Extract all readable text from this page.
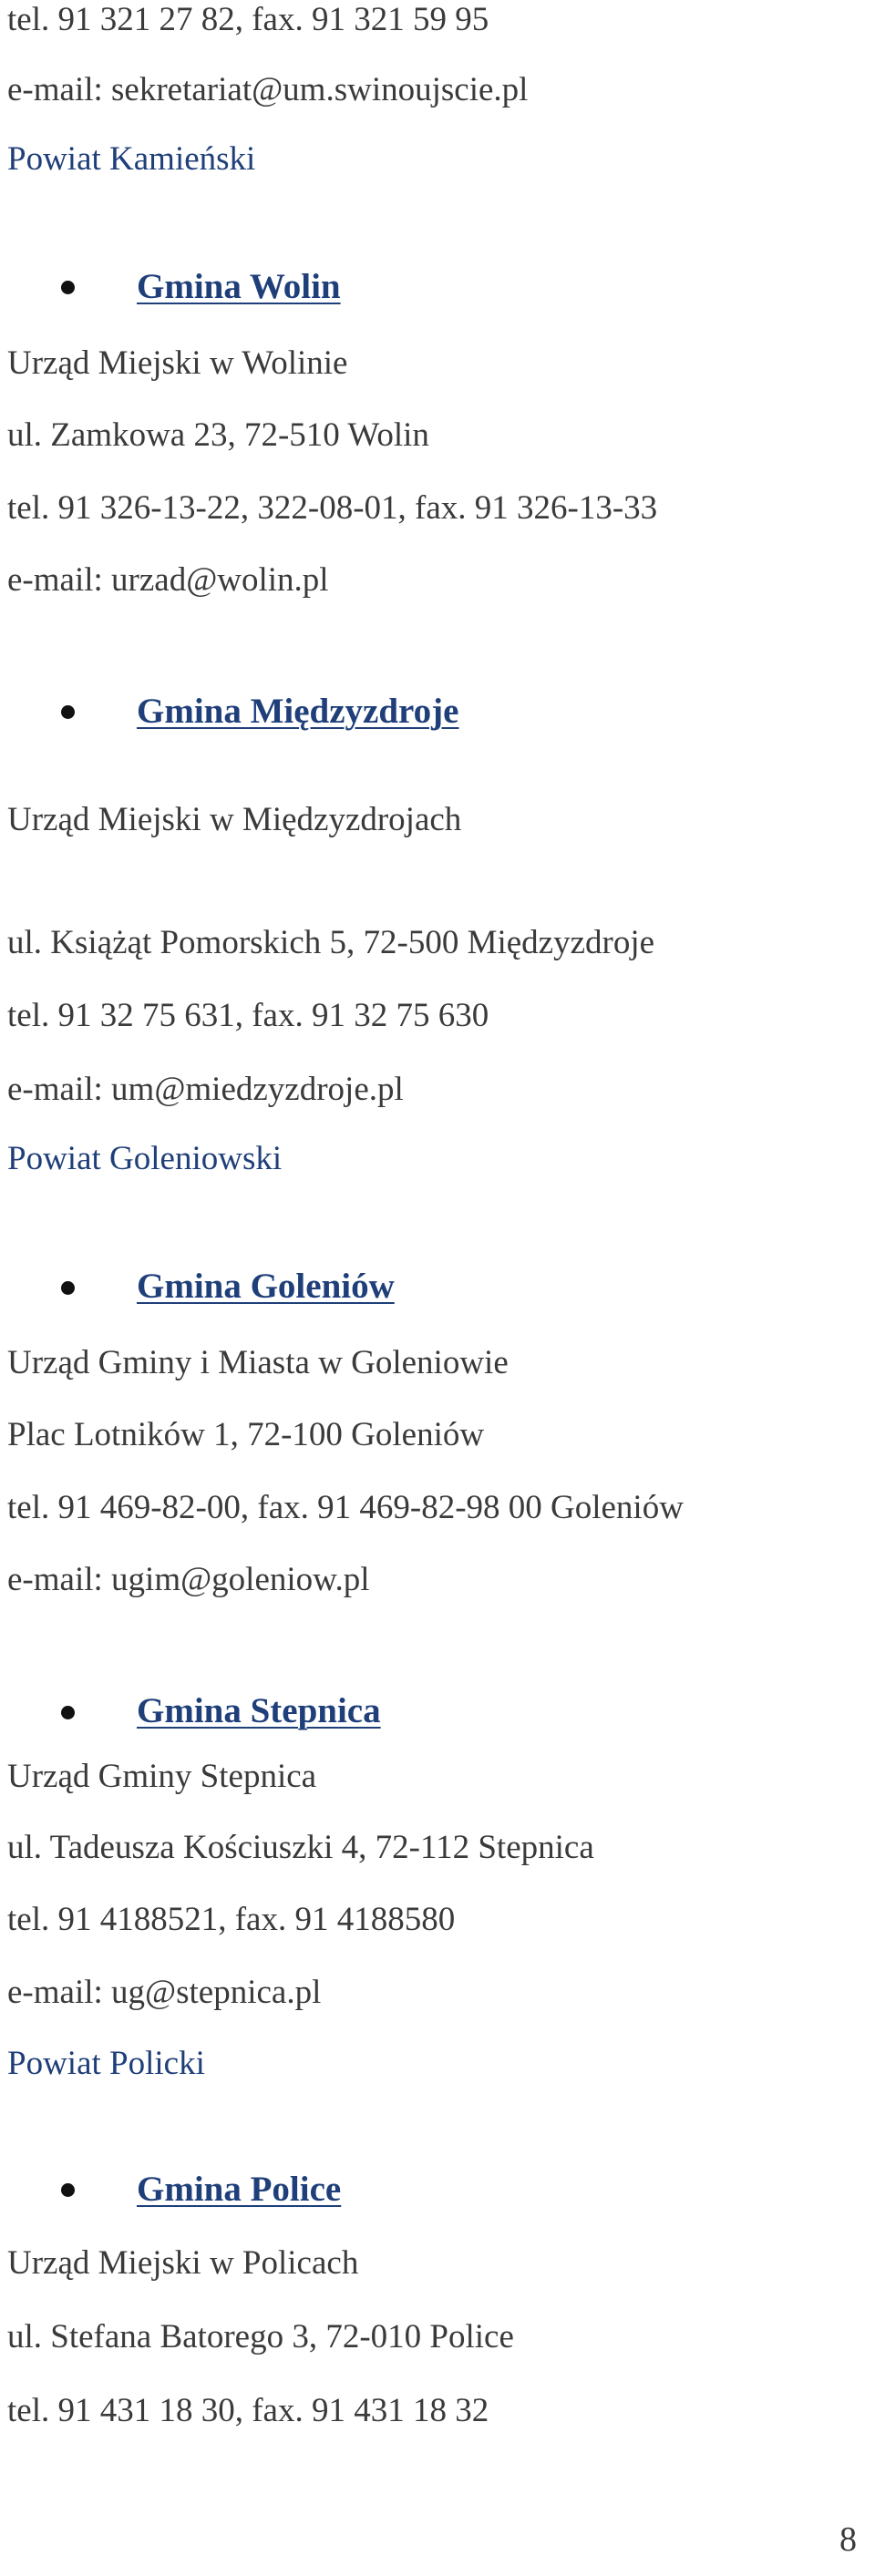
tel. 91 321 27 82, fax. 91 321 59 95
e-mail: sekretariat@um.swinoujscie.pl
Powiat Kamieński
Gmina Wolin
Urząd Miejski w Wolinie
ul. Zamkowa 23, 72-510 Wolin
tel. 91 326-13-22, 322-08-01, fax. 91 326-13-33
e-mail: urzad@wolin.pl
Gmina Międzyzdroje
Urząd Miejski w Międzyzdrojach
ul. Książąt Pomorskich 5, 72-500 Międzyzdroje
tel. 91 32 75 631, fax. 91 32 75 630
e-mail: um@miedzyzdroje.pl
Powiat Goleniowski
Gmina Goleniów
Urząd Gminy i Miasta w Goleniowie
Plac Lotników 1, 72-100 Goleniów
tel. 91 469-82-00, fax. 91 469-82-98 00 Goleniów
e-mail: ugim@goleniow.pl
Gmina Stepnica
Urząd Gminy Stepnica
ul. Tadeusza Kościuszki 4, 72-112 Stepnica
tel. 91 4188521, fax. 91 4188580
e-mail: ug@stepnica.pl
Powiat Policki
Gmina Police
Urząd Miejski w Policach
ul. Stefana Batorego 3, 72-010 Police
tel. 91 431 18 30, fax. 91 431 18 32
8
